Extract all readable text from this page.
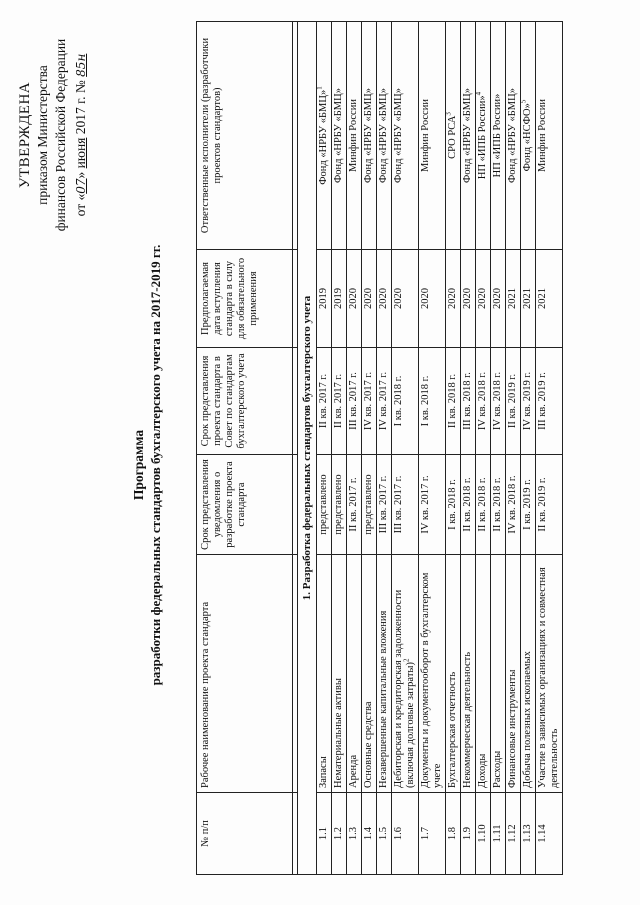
УТВЕРЖДЕНА приказом Министерства финансов Российской Федерации от «07» июня 2017 г. № 85н
Программа разработки федеральных стандартов бухгалтерского учета на 2017-2019 гг.
№ п/п	Рабочее наименование проекта стандарта	Срок представления уведомления о разработке проекта стандарта	Срок представления проекта стандарта в Совет по стандартам бухгалтерского учета	Предполагаемая дата вступления стандарта в силу для обязательного применения	Ответственные исполнители (разработчики проектов стандартов)

1. Разработка федеральных стандартов бухгалтерского учета					
1.1	Запасы	представлено	II кв. 2017 г.	2019	Фонд «НРБУ «БМЦ»$^1$
1.2	Нематериальные активы	представлено	II кв. 2017 г.	2019	Фонд «НРБУ «БМЦ»
1.3	Аренда	II кв. 2017 г.	III кв. 2017 г.	2020	Минфин России
1.4	Основные средства	представлено	IV кв. 2017 г.	2020	Фонд «НРБУ «БМЦ»
1.5	Незавершенные капитальные вложения	III кв. 2017 г.	IV кв. 2017 г.	2020	Фонд «НРБУ «БМЦ»
1.6	Дебиторская и кредиторская задолженности (включая долговые затраты)$^2$	III кв. 2017 г.	I кв. 2018 г.	2020	Фонд «НРБУ «БМЦ»
1.7	Документы и документооборот в бухгалтерском учете	IV кв. 2017 г.	I кв. 2018 г.	2020	Минфин России
1.8	Бухгалтерская отчетность	I кв. 2018 г.	II кв. 2018 г.	2020	СРО РСА$^3$
1.9	Некоммерческая деятельность	II кв. 2018 г.	III кв. 2018 г.	2020	Фонд «НРБУ «БМЦ»
1.10	Доходы	II кв. 2018 г.	IV кв. 2018 г.	2020	НП «ИПБ России»$^4$
1.11	Расходы	II кв. 2018 г.	IV кв. 2018 г.	2020	НП «ИПБ России»
1.12	Финансовые инструменты	IV кв. 2018 г.	II кв. 2019 г.	2021	Фонд «НРБУ «БМЦ»
1.13	Добыча полезных ископаемых	I кв. 2019 г.	IV кв. 2019 г.	2021	Фонд «НСФО»$^5$
1.14	Участие в зависимых организациях и совместная деятельность	II кв. 2019 г.	III кв. 2019 г.	2021	Минфин России
